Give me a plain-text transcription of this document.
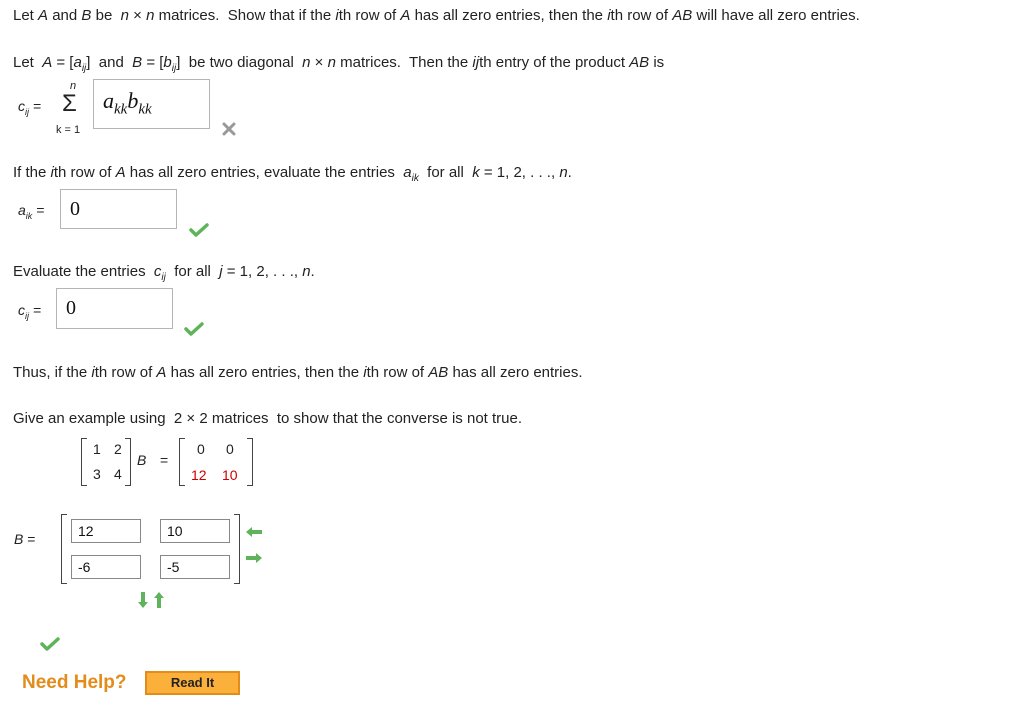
Let A and B be  n × n matrices.  Show that if the ith row of A has all zero entries, then the ith row of AB will have all zero entries.
Let  $A = [a_{ij}]$  and  $B = [b_{ij}]$  be two diagonal  n × n matrices.  Then the ijth entry of the product AB is
$c_{ij}$ =
n
Σ
k = 1
$a_{kk}b_{kk}$
If the ith row of A has all zero entries, evaluate the entries  $a_{ik}$  for all  k = 1, 2, . . ., n.
$a_{ik}$ =	0
Evaluate the entries  $c_{ij}$  for all  j = 1, 2, . . ., n.
$c_{ij}$ =	0
Thus, if the ith row of A has all zero entries, then the ith row of AB has all zero entries.
Give an example using  2 × 2 matrices  to show that the converse is not true.
1 2
3 4
B =
0 0
12 10
B =	12	10
-6	-5
Need Help?	Read It
